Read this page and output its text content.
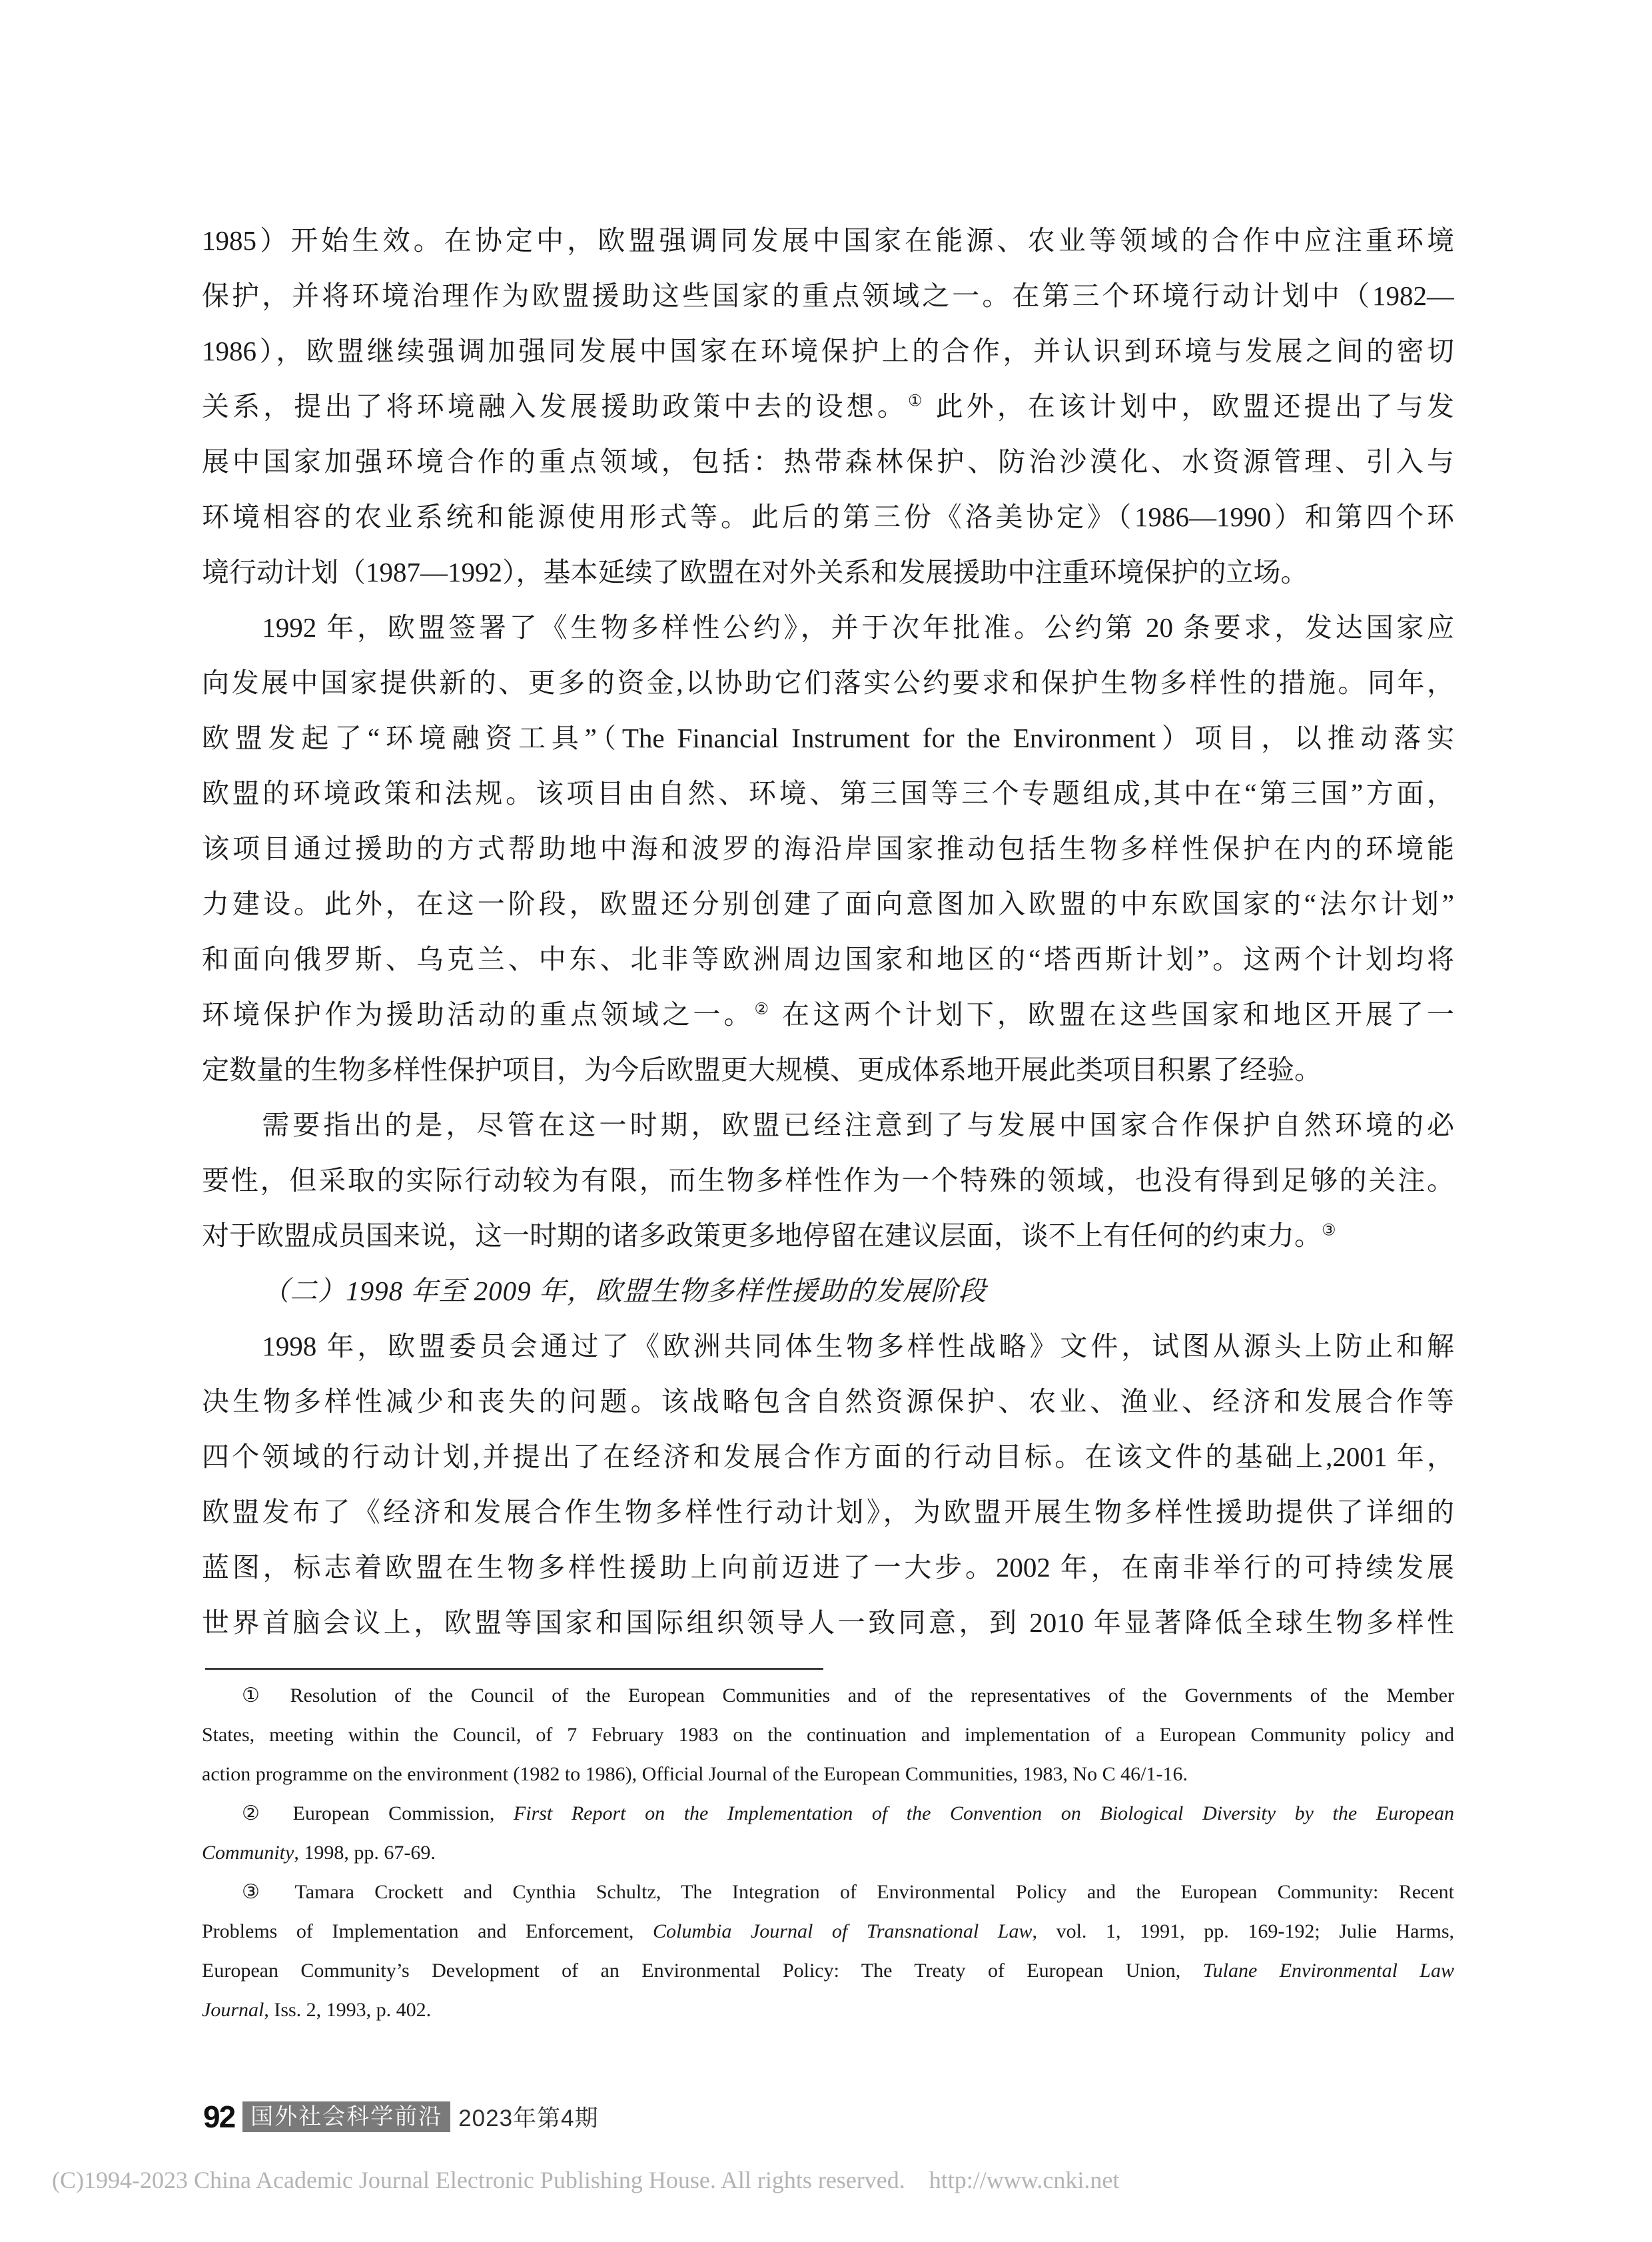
1985）开始生效。在协定中，欧盟强调同发展中国家在能源、农业等领域的合作中应注重环境
保护，并将环境治理作为欧盟援助这些国家的重点领域之一。在第三个环境行动计划中（1982—
1986），欧盟继续强调加强同发展中国家在环境保护上的合作，并认识到环境与发展之间的密切
关系，提出了将环境融入发展援助政策中去的设想。① 此外，在该计划中，欧盟还提出了与发
展中国家加强环境合作的重点领域，包括：热带森林保护、防治沙漠化、水资源管理、引入与
环境相容的农业系统和能源使用形式等。此后的第三份《洛美协定》（1986—1990）和第四个环
境行动计划（1987—1992），基本延续了欧盟在对外关系和发展援助中注重环境保护的立场。
1992 年，欧盟签署了《生物多样性公约》，并于次年批准。公约第 20 条要求，发达国家应
向发展中国家提供新的、更多的资金,以协助它们落实公约要求和保护生物多样性的措施。同年，
欧盟发起了“环境融资工具”（The Financial Instrument for the Environment）项目，以推动落实
欧盟的环境政策和法规。该项目由自然、环境、第三国等三个专题组成,其中在“第三国”方面，
该项目通过援助的方式帮助地中海和波罗的海沿岸国家推动包括生物多样性保护在内的环境能
力建设。此外，在这一阶段，欧盟还分别创建了面向意图加入欧盟的中东欧国家的“法尔计划”
和面向俄罗斯、乌克兰、中东、北非等欧洲周边国家和地区的“塔西斯计划”。这两个计划均将
环境保护作为援助活动的重点领域之一。② 在这两个计划下，欧盟在这些国家和地区开展了一
定数量的生物多样性保护项目，为今后欧盟更大规模、更成体系地开展此类项目积累了经验。
需要指出的是，尽管在这一时期，欧盟已经注意到了与发展中国家合作保护自然环境的必
要性，但采取的实际行动较为有限，而生物多样性作为一个特殊的领域，也没有得到足够的关注。
对于欧盟成员国来说，这一时期的诸多政策更多地停留在建议层面，谈不上有任何的约束力。③
（二）1998 年至 2009 年，欧盟生物多样性援助的发展阶段
1998 年，欧盟委员会通过了《欧洲共同体生物多样性战略》文件，试图从源头上防止和解
决生物多样性减少和丧失的问题。该战略包含自然资源保护、农业、渔业、经济和发展合作等
四个领域的行动计划,并提出了在经济和发展合作方面的行动目标。在该文件的基础上,2001 年，
欧盟发布了《经济和发展合作生物多样性行动计划》，为欧盟开展生物多样性援助提供了详细的
蓝图，标志着欧盟在生物多样性援助上向前迈进了一大步。2002 年，在南非举行的可持续发展
世界首脑会议上，欧盟等国家和国际组织领导人一致同意，到 2010 年显著降低全球生物多样性
① Resolution of the Council of the European Communities and of the representatives of the Governments of the Member
States, meeting within the Council, of 7 February 1983 on the continuation and implementation of a European Community policy and
action programme on the environment (1982 to 1986), Official Journal of the European Communities, 1983, No C 46/1-16.
② European Commission, First Report on the Implementation of the Convention on Biological Diversity by the European
Community, 1998, pp. 67-69.
③ Tamara Crockett and Cynthia Schultz, The Integration of Environmental Policy and the European Community: Recent
Problems of Implementation and Enforcement, Columbia Journal of Transnational Law, vol. 1, 1991, pp. 169-192; Julie Harms,
European Community’s Development of an Environmental Policy: The Treaty of European Union, Tulane Environmental Law
Journal, Iss. 2, 1993, p. 402.
92 国外社会科学前沿 2023年第4期
(C)1994-2023 China Academic Journal Electronic Publishing House. All rights reserved.    http://www.cnki.net
